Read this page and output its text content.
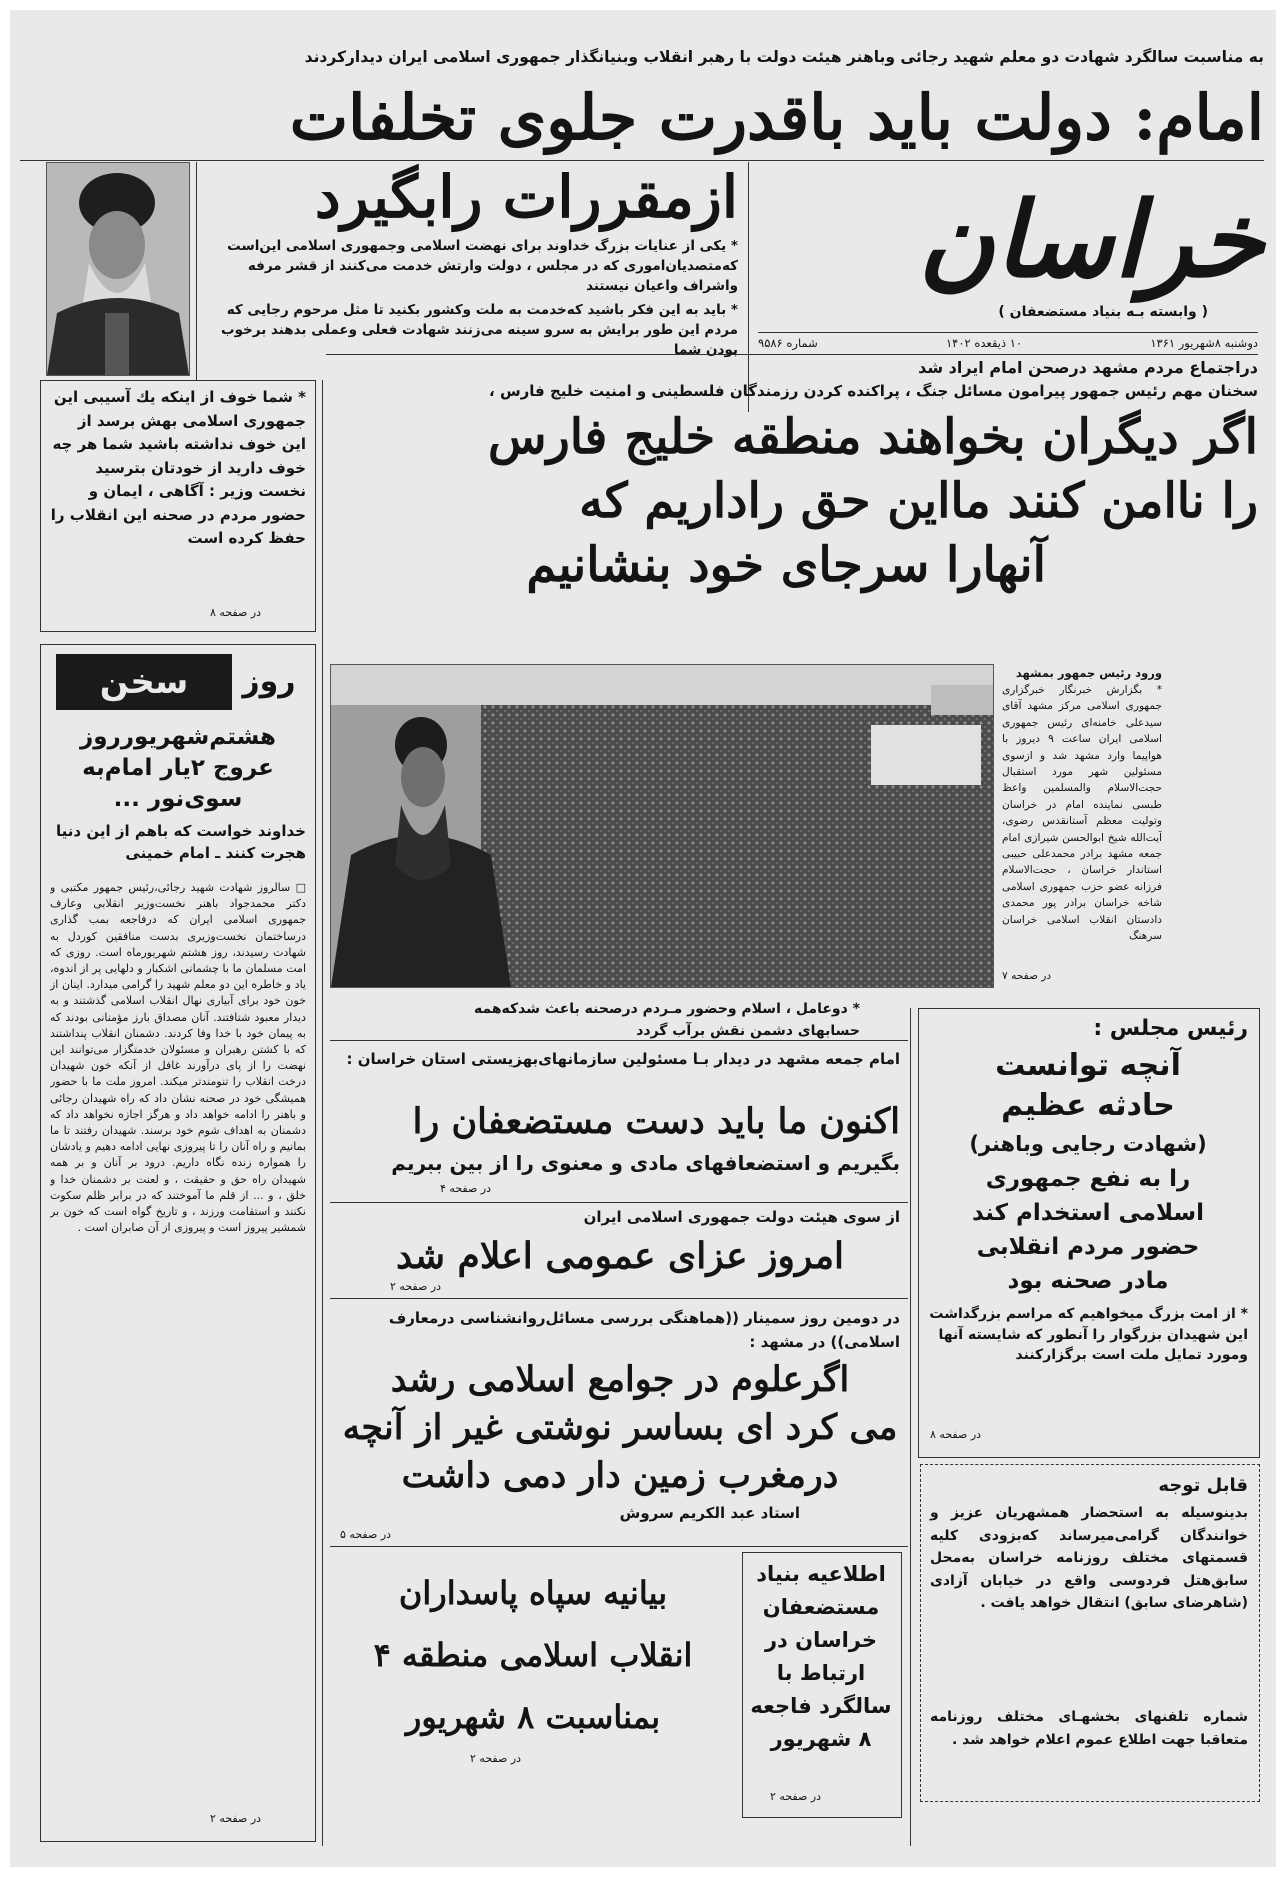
به مناسبت سالگرد شهادت دو معلم شهید رجائی وباهنر هیئت دولت با رهبر انقلاب وبنیانگذار جمهوری اسلامی ایران دیدارکردند
امام: دولت باید باقدرت جلوی تخلفات
ازمقررات رابگیرد
* یکی از عنایات بزرگ خداوند برای نهضت اسلامی وجمهوری اسلامی این‌است که‌متصدیان‌اموری که در مجلس ، دولت وارتش خدمت می‌کنند از قشر مرفه واشراف واعیان نیستند
* باید به این فکر باشید که‌خدمت به ملت وکشور بکنید تا مثل مرحوم رجایی که مردم این طور برایش به سرو سینه می‌زنند شهادت فعلی وعملی بدهند برخوب بودن شما
خراسان
( وابسته بـه بنیاد مستضعفان )
دوشنبه ۸شهریور ۱۳۶۱
۱۰ ذیقعده ۱۴۰۲
شماره ۹۵۸۶
* شما خوف از اینکه یك آسیبی این جمهوری اسلامی بهش برسد از این خوف نداشته باشید شما هر چه خوف دارید از خودتان بترسید نخست وزیر : آگاهی ، ایمان و حضور مردم در صحنه این انقلاب را حفظ کرده است
در صفحه ۸
سخن	روز
هشتم‌شهریورروز عروج ۲یار امام‌به سوی‌نور ...
خداوند خواست که باهم از این دنیا هجرت کنند ـ امام خمینی
□ سالروز شهادت شهید رجائی،رئیس جمهور مکتبی و دکتر محمدجواد باهنر نخست‌وزیر انقلابی وعارف جمهوری اسلامی ایران که درفاجعه بمب گذاری درساختمان نخست‌وزیری بدست منافقین کوردل به شهادت رسیدند، روز هشتم شهریورماه است. روزی که امت مسلمان ما با چشمانی اشکبار و دلهایی پر از اندوه، یاد و خاطره این دو معلم شهید را گرامی میدارد. اینان از خون خود برای آبیاری نهال انقلاب اسلامی گذشتند و به دیدار معبود شتافتند. آنان مصداق بارز مؤمنانی بودند که به پیمان خود با خدا وفا کردند. دشمنان انقلاب پنداشتند که با کشتن رهبران و مسئولان خدمتگزار می‌توانند این نهضت را از پای درآورند غافل از آنکه خون شهیدان درخت انقلاب را تنومندتر میکند. امروز ملت ما با حضور همیشگی خود در صحنه نشان داد که راه شهیدان رجائی و باهنر را ادامه خواهد داد و هرگز اجازه نخواهد داد که دشمنان به اهداف شوم خود برسند. شهیدان رفتند تا ما بمانیم و راه آنان را تا پیروزی نهایی ادامه دهیم و یادشان را همواره زنده نگاه داریم. درود بر آنان و بر همه شهیدان راه حق و حقیقت ، و لعنت بر دشمنان خدا و خلق ، و ... از قلم ما آموختند که در برابر ظلم سکوت نکنند و استقامت ورزند ، و تاریخ گواه است که خون بر شمشیر پیروز است و پیروزی از آن صابران است .
در صفحه ۲
دراجتماع مردم مشهد درصحن امام ایراد شد
سخنان مهم رئیس جمهور پیرامون مسائل جنگ ، پراکنده کردن رزمندگان فلسطینی و امنیت خلیج فارس ،
اگر دیگران بخواهند منطقه خلیج فارس
را ناامن کنند مااین حق راداریم که
آنهارا سرجای خود بنشانیم
ورود رئیس جمهور بمشهد
* بگزارش خبرنگار خبرگزاری جمهوری اسلامی مرکز مشهد آقای سیدعلی خامنه‌ای رئیس جمهوری اسلامی ایران ساعت ۹ دیروز با هواپیما وارد مشهد شد و ازسوی مسئولین شهر مورد استقبال حجت‌الاسلام والمسلمین واعظ طبسی نماینده امام در خراسان وتولیت معظم آستانقدس رضوی، آیت‌الله شیخ ابوالحسن شیرازی امام جمعه مشهد برادر محمدعلی حبیبی استاندار خراسان ، حجت‌الاسلام فرزانه عضو حزب جمهوری اسلامی شاخه خراسان برادر پور محمدی دادستان انقلاب اسلامی خراسان سرهنگ
در صفحه ۷
* دوعامل ، اسلام وحضور مـردم درصحنه باعث شدکه‌همه حسابهای دشمن نقش برآب گردد	رئیس مجلس :
آنچه توانست
حادثه عظیم
(شهادت رجایی وباهنر)
را به نفع جمهوری
اسلامی استخدام کند
حضور مردم انقلابی
مادر صحنه بود
* از امت بزرگ میخواهیم که مراسم بزرگداشت این شهیدان بزرگوار را آنطور که شایسته آنها ومورد تمایل ملت است برگزارکنند
در صفحه ۸
امام جمعه مشهد در دیدار بـا مسئولین سازمانهای‌بهزیستی استان خراسان :
اکنون ما باید دست مستضعفان را
بگیریم و استضعافهای مادی و معنوی را از بین ببریم
در صفحه ۴
از سوی هیئت دولت جمهوری اسلامی ایران
امروز عزای عمومی اعلام شد
در صفحه ۲
در دومین روز سمینار ((هماهنگی بررسی مسائل‌روانشناسی درمعارف اسلامی)) در مشهد :
اگرعلوم در جوامع اسلامی رشد
می کرد ای بساسر نوشتی غیر از آنچه
درمغرب زمین دار دمی داشت
استاد عبد الکریم سروش
در صفحه ۵
بیانیه سپاه پاسداران
انقلاب اسلامی منطقه ۴
بمناسبت ۸ شهریور
در صفحه ۲
اطلاعیه بنیاد
مستضعفان
خراسان در
ارتباط با
سالگرد فاجعه
۸ شهریور
در صفحه ۲
قابل توجه
بدینوسیله به استحضار همشهریان عزیز و خوانندگان گرامی‌میرساند که‌بزودی کلیه قسمتهای مختلف روزنامه خراسان به‌محل سابق‌هتل فردوسی واقع در خیابان آزادی (شاهرضای سابق) انتقال خواهد یافت .
شماره تلفنهای بخشهـای مختلف روزنامه متعاقبا جهت اطلاع عموم اعلام خواهد شد .
